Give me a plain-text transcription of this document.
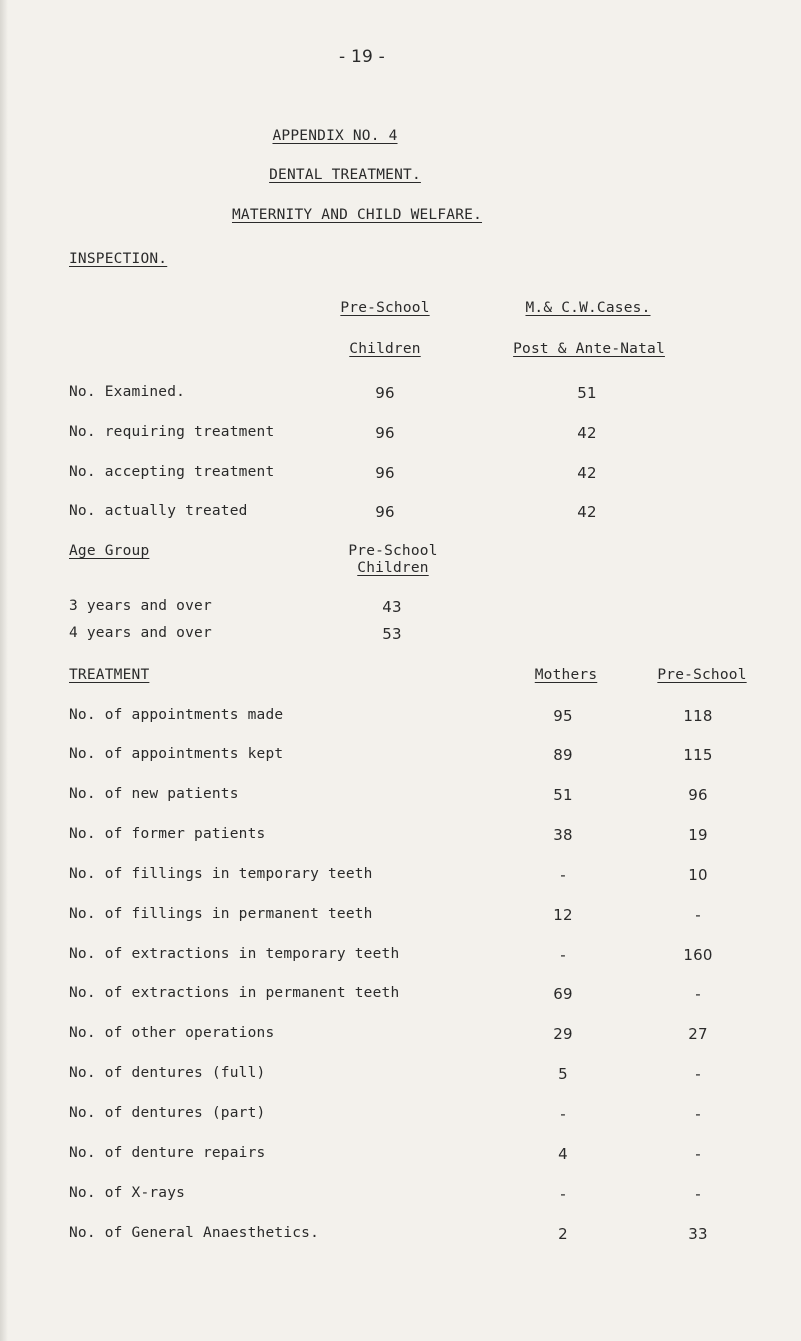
- 19 -
APPENDIX NO. 4
DENTAL TREATMENT.
MATERNITY AND CHILD WELFARE.
INSPECTION.
Pre-School
Children
M.& C.W.Cases.
Post & Ante-Natal
No. Examined.	96	51
No. requiring treatment	96	42
No. accepting treatment	96	42
No. actually treated	96	42
Age Group	Pre-School
Children
3 years and over	43
4 years and over	53
TREATMENT	Mothers	Pre-School
No. of appointments made	95	118
No. of appointments kept	89	115
No. of new patients	51	96
No. of former patients	38	19
No. of fillings in temporary teeth	-	10
No. of fillings in permanent teeth	12	-
No. of extractions in temporary teeth	-	160
No. of extractions in permanent teeth	69	-
No. of other operations	29	27
No. of dentures (full)	5	-
No. of dentures (part)	-	-
No. of denture repairs	4	-
No. of X-rays	-	-
No. of General Anaesthetics.	2	33
